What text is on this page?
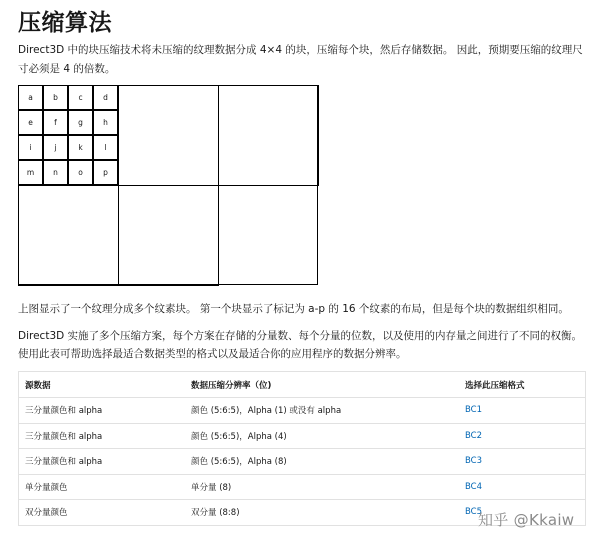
压缩算法

Direct3D 中的块压缩技术将未压缩的纹理数据分成 4×4 的块，压缩每个块，然后存储数据。 因此，预期要压缩的纹理尺寸必须是 4 的倍数。

a	b	c	d
e	f	g	h
i	j	k	l
m	n	o	p

上图显示了一个纹理分成多个纹素块。 第一个块显示了标记为 a-p 的 16 个纹素的布局，但是每个块的数据组织相同。

Direct3D 实施了多个压缩方案，每个方案在存储的分量数、每个分量的位数，以及使用的内存量之间进行了不同的权衡。 使用此表可帮助选择最适合数据类型的格式以及最适合你的应用程序的数据分辨率。

源数据	数据压缩分辨率（位)	选择此压缩格式
三分量颜色和 alpha	颜色 (5:6:5)，Alpha (1) 或没有 alpha	BC1
三分量颜色和 alpha	颜色 (5:6:5)，Alpha (4)	BC2
三分量颜色和 alpha	颜色 (5:6:5)，Alpha (8)	BC3
单分量颜色	单分量 (8)	BC4
双分量颜色	双分量 (8:8)	BC5
知乎 @Kkaiw
